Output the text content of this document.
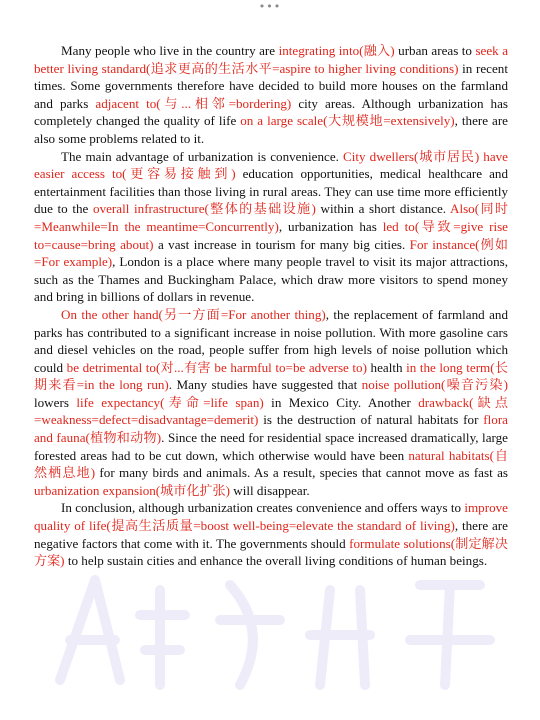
•••

Many people who live in the country are integrating into(融入) urban areas to seek a better living standard(追求更高的生活水平=aspire to higher living conditions) in recent times. Some governments therefore have decided to build more houses on the farmland and parks adjacent to(与...相邻=bordering) city areas. Although urbanization has completely changed the quality of life on a large scale(大规模地=extensively), there are also some problems related to it.

The main advantage of urbanization is convenience. City dwellers(城市居民) have easier access to(更容易接触到) education opportunities, medical healthcare and entertainment facilities than those living in rural areas. They can use time more efficiently due to the overall infrastructure(整体的基础设施) within a short distance. Also(同时=Meanwhile=In the meantime=Concurrently), urbanization has led to(导致=give rise to=cause=bring about) a vast increase in tourism for many big cities. For instance(例如=For example), London is a place where many people travel to visit its major attractions, such as the Thames and Buckingham Palace, which draw more visitors to spend money and bring in billions of dollars in revenue.

On the other hand(另一方面=For another thing), the replacement of farmland and parks has contributed to a significant increase in noise pollution. With more gasoline cars and diesel vehicles on the road, people suffer from high levels of noise pollution which could be detrimental to(对...有害 be harmful to=be adverse to) health in the long term(长期来看=in the long run). Many studies have suggested that noise pollution(噪音污染) lowers life expectancy(寿命=life span) in Mexico City. Another drawback(缺点=weakness=defect=disadvantage=demerit) is the destruction of natural habitats for flora and fauna(植物和动物). Since the need for residential space increased dramatically, large forested areas had to be cut down, which otherwise would have been natural habitats(自然栖息地) for many birds and animals. As a result, species that cannot move as fast as urbanization expansion(城市化扩张) will disappear.

In conclusion, although urbanization creates convenience and offers ways to improve quality of life(提高生活质量=boost well-being=elevate the standard of living), there are negative factors that come with it. The governments should formulate solutions(制定解决方案) to help sustain cities and enhance the overall living conditions of human beings.
